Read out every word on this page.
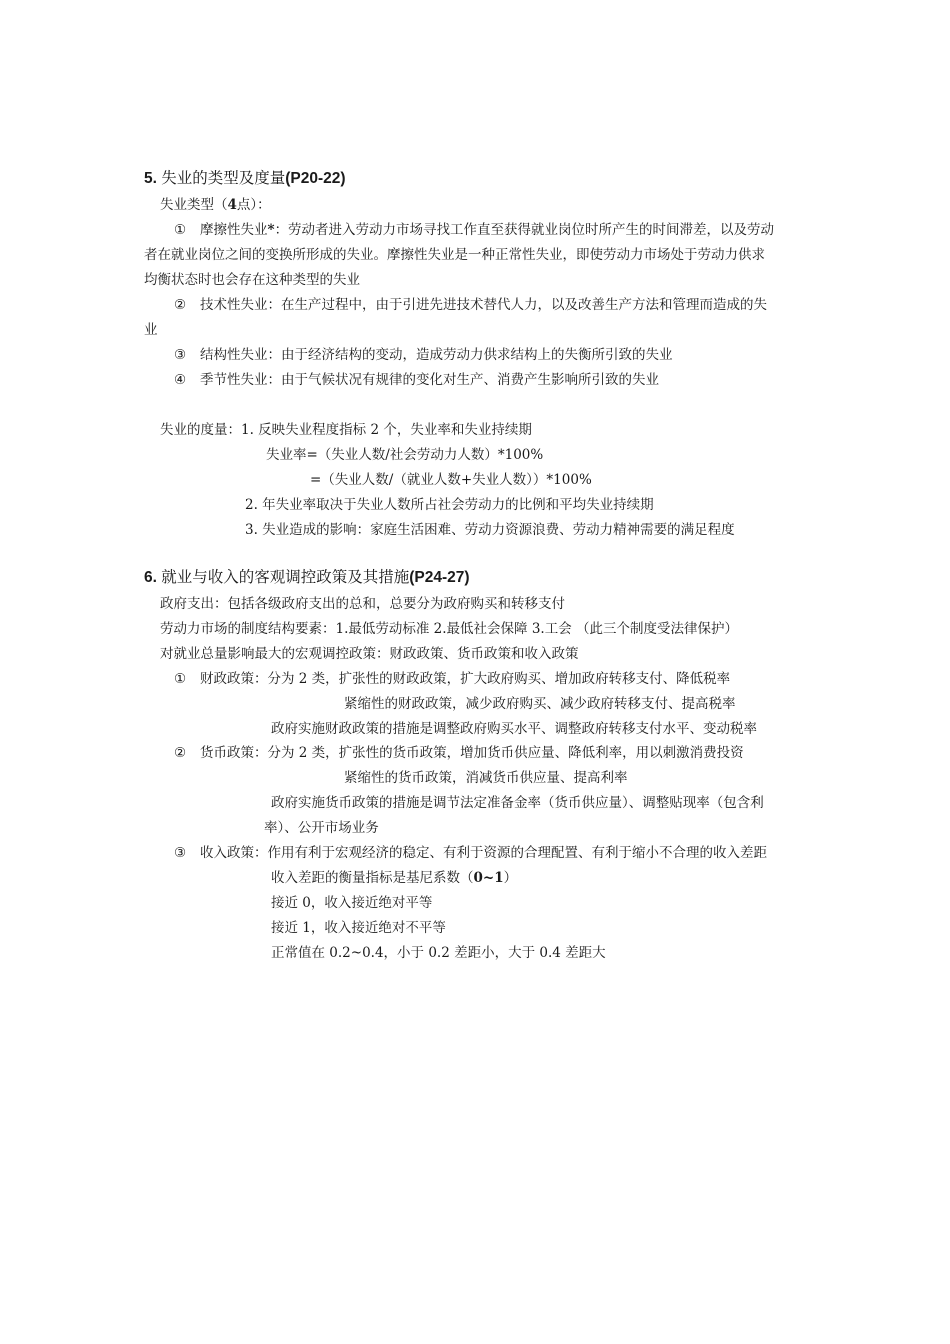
5. 失业的类型及度量(P20-22)
失业类型（4点）：
① 摩擦性失业*：劳动者进入劳动力市场寻找工作直至获得就业岗位时所产生的时间滞差，以及劳动
者在就业岗位之间的变换所形成的失业。摩擦性失业是一种正常性失业，即使劳动力市场处于劳动力供求
均衡状态时也会存在这种类型的失业
② 技术性失业：在生产过程中，由于引进先进技术替代人力，以及改善生产方法和管理而造成的失
业
③ 结构性失业：由于经济结构的变动，造成劳动力供求结构上的失衡所引致的失业
④ 季节性失业：由于气候状况有规律的变化对生产、消费产生影响所引致的失业
失业的度量：1. 反映失业程度指标 2 个，失业率和失业持续期
失业率=（失业人数/社会劳动力人数）*100%
=（失业人数/（就业人数+失业人数））*100%
2. 年失业率取决于失业人数所占社会劳动力的比例和平均失业持续期
3. 失业造成的影响：家庭生活困难、劳动力资源浪费、劳动力精神需要的满足程度
6. 就业与收入的客观调控政策及其措施(P24-27)
政府支出：包括各级政府支出的总和，总要分为政府购买和转移支付
劳动力市场的制度结构要素：1.最低劳动标准 2.最低社会保障 3.工会 （此三个制度受法律保护）
对就业总量影响最大的宏观调控政策：财政政策、货币政策和收入政策
① 财政政策：分为 2 类，扩张性的财政政策，扩大政府购买、增加政府转移支付、降低税率
紧缩性的财政政策，减少政府购买、减少政府转移支付、提高税率
政府实施财政政策的措施是调整政府购买水平、调整政府转移支付水平、变动税率
② 货币政策：分为 2 类，扩张性的货币政策，增加货币供应量、降低利率，用以刺激消费投资
紧缩性的货币政策，消减货币供应量、提高利率
政府实施货币政策的措施是调节法定准备金率（货币供应量）、调整贴现率（包含利
率）、公开市场业务
③ 收入政策：作用有利于宏观经济的稳定、有利于资源的合理配置、有利于缩小不合理的收入差距
收入差距的衡量指标是基尼系数（0~1）
接近 0，收入接近绝对平等
接近 1，收入接近绝对不平等
正常值在 0.2~0.4，小于 0.2 差距小，大于 0.4 差距大
